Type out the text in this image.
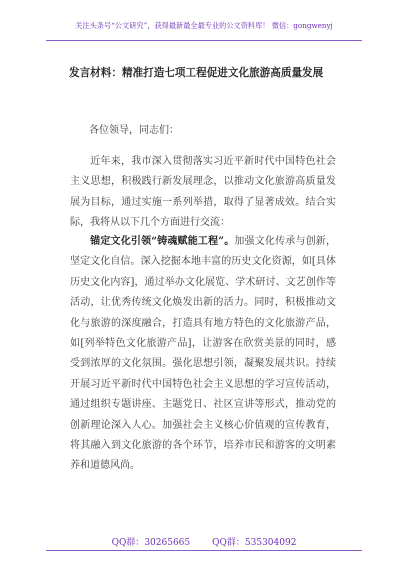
关注头条号“公文研究”，获得最新最全最专业的公文资料库！ 微信：gongwenyj
发言材料：精准打造七项工程促进文化旅游高质量发展
各位领导，同志们：

近年来，我市深入贯彻落实习近平新时代中国特色社会主义思想，积极践行新发展理念，以推动文化旅游高质量发展为目标，通过实施一系列举措，取得了显著成效。结合实际，我将从以下几个方面进行交流：

锚定文化引领“铸魂赋能工程”。加强文化传承与创新，坚定文化自信。深入挖掘本地丰富的历史文化资源，如[具体历史文化内容]，通过举办文化展览、学术研讨、文艺创作等活动，让优秀传统文化焕发出新的活力。同时，积极推动文化与旅游的深度融合，打造具有地方特色的文化旅游产品，如[列举特色文化旅游产品]，让游客在欣赏美景的同时，感受到浓厚的文化氛围。强化思想引领，凝聚发展共识。持续开展习近平新时代中国特色社会主义思想的学习宣传活动，通过组织专题讲座、主题党日、社区宣讲等形式，推动党的创新理论深入人心。加强社会主义核心价值观的宣传教育，将其融入到文化旅游的各个环节，培养市民和游客的文明素养和道德风尚。

QQ群：30265665 QQ群：535304092
